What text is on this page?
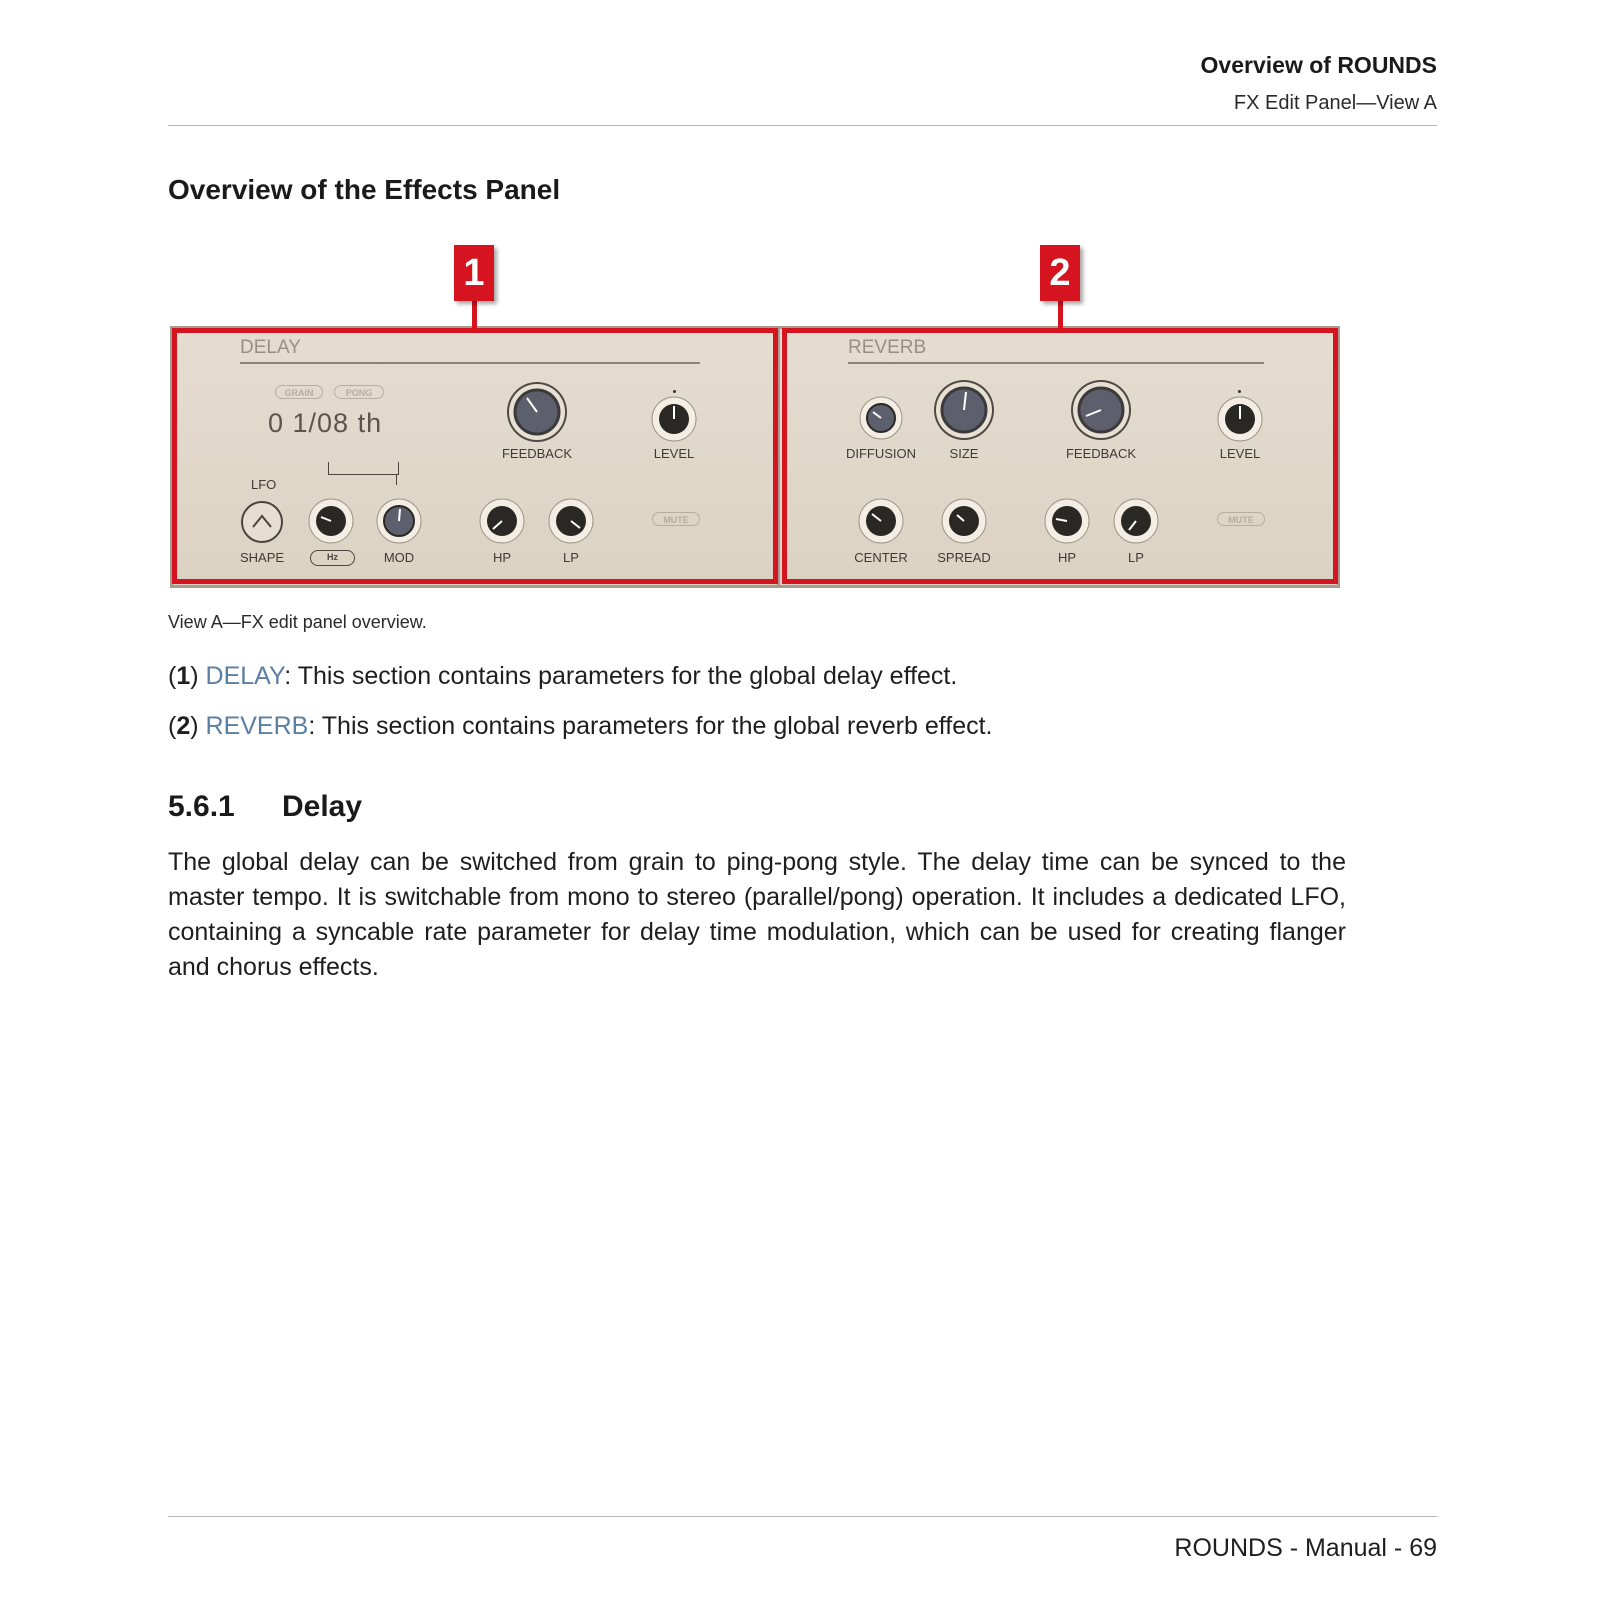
Overview of ROUNDS
FX Edit Panel—View A
Overview of the Effects Panel
DELAY
GRAIN	PONG
0 1/08 th
LFO
FEEDBACK	LEVEL
MUTE
SHAPE	Hz	MOD	HP	LP
REVERB
DIFFUSION	SIZE	FEEDBACK	LEVEL
MUTE
CENTER SPREAD	HP	LP
1	2
View A—FX edit panel overview.
(1) DELAY: This section contains parameters for the global delay effect.
(2) REVERB: This section contains parameters for the global reverb effect.
5.6.1 Delay

The global delay can be switched from grain to ping-pong style. The delay time can be synced to the master tempo. It is switchable from mono to stereo (parallel/pong) operation. It includes a dedicated LFO, containing a syncable rate parameter for delay time modulation, which can be used for creating flanger and chorus effects.

ROUNDS - Manual - 69
